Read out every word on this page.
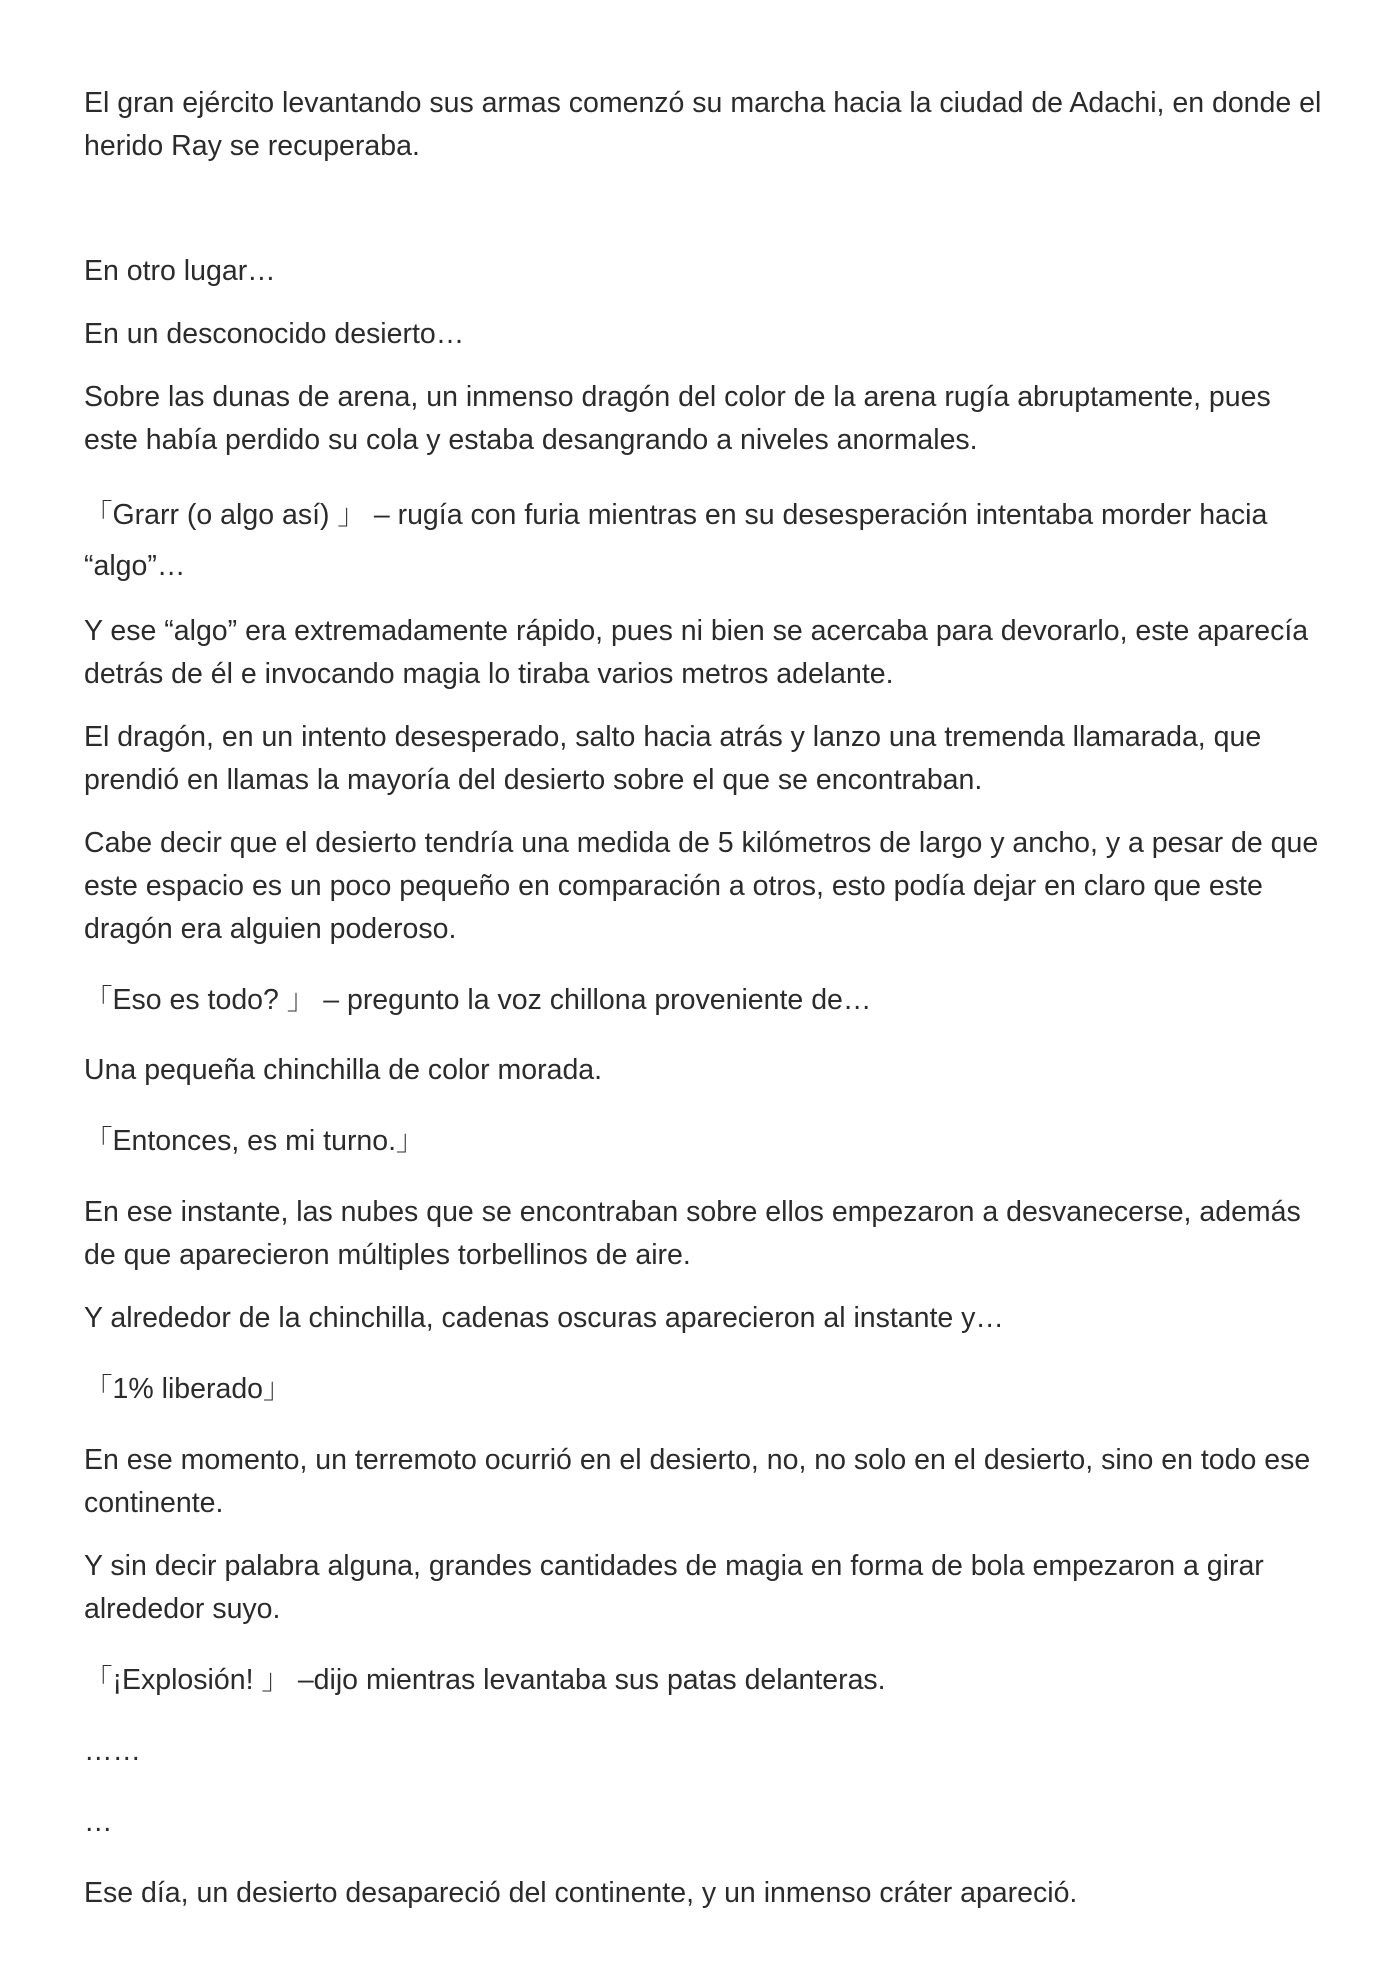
El gran ejército levantando sus armas comenzó su marcha hacia la ciudad de Adachi, en donde el herido Ray se recuperaba.

En otro lugar…

En un desconocido desierto…

Sobre las dunas de arena, un inmenso dragón del color de la arena rugía abruptamente, pues este había perdido su cola y estaba desangrando a niveles anormales.

「Grarr (o algo así) 」 – rugía con furia mientras en su desesperación intentaba morder hacia “algo”…

Y ese “algo” era extremadamente rápido, pues ni bien se acercaba para devorarlo, este aparecía detrás de él e invocando magia lo tiraba varios metros adelante.

El dragón, en un intento desesperado, salto hacia atrás y lanzo una tremenda llamarada, que prendió en llamas la mayoría del desierto sobre el que se encontraban.

Cabe decir que el desierto tendría una medida de 5 kilómetros de largo y ancho, y a pesar de que este espacio es un poco pequeño en comparación a otros, esto podía dejar en claro que este dragón era alguien poderoso.

「Eso es todo? 」 – pregunto la voz chillona proveniente de…

Una pequeña chinchilla de color morada.

「Entonces, es mi turno.」

En ese instante, las nubes que se encontraban sobre ellos empezaron a desvanecerse, además de que aparecieron múltiples torbellinos de aire.

Y alrededor de la chinchilla, cadenas oscuras aparecieron al instante y…

「1% liberado」

En ese momento, un terremoto ocurrió en el desierto, no, no solo en el desierto, sino en todo ese continente.

Y sin decir palabra alguna, grandes cantidades de magia en forma de bola empezaron a girar alrededor suyo.

「¡Explosión! 」 –dijo mientras levantaba sus patas delanteras.

……

…

Ese día, un desierto desapareció del continente, y un inmenso cráter apareció.
